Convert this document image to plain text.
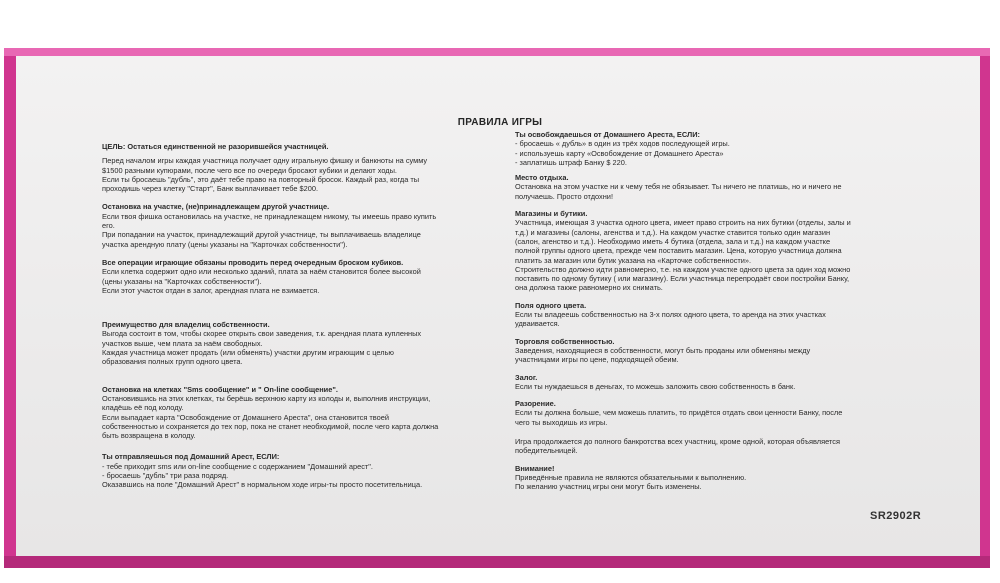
ПРАВИЛА ИГРЫ
ЦЕЛЬ: Остаться единственной не разорившейся участницей.
Перед началом игры каждая участница получает одну игральную фишку и банкноты на сумму
$1500 разными купюрами, после чего все по очереди бросают кубики и делают ходы.
Если ты бросаешь "дубль", это даёт тебе право на повторный бросок. Каждый раз, когда ты
проходишь через клетку "Старт", Банк выплачивает тебе $200.
Остановка на участке, (не)принадлежащем другой участнице.
Если твоя фишка остановилась на участке, не принадлежащем никому, ты имеешь право купить
его.
При попадании на участок, принадлежащий другой участнице, ты выплачиваешь владелице
участка арендную плату (цены указаны на "Карточках собственности").
Все операции играющие обязаны проводить перед очередным броском кубиков.
Если клетка содержит одно или несколько зданий, плата за наём становится более высокой
(цены указаны на "Карточках собственности").
Если этот участок отдан в залог, арендная плата не взимается.
Преимущество для владелиц собственности.
Выгода состоит в том, чтобы скорее открыть свои заведения, т.к. арендная плата купленных
участков выше, чем плата за наём свободных.
Каждая участница может продать (или обменять) участки другим играющим с целью
образования полных групп одного цвета.
Остановка на клетках "Sms сообщение" и " On-line сообщение".
Остановившись на этих клетках, ты берёшь верхнюю карту из колоды и, выполнив инструкции,
кладёшь её под колоду.
Если выпадает карта "Освобождение от Домашнего Ареста", она становится твоей
собственностью и сохраняется до тех пор, пока не станет необходимой, после чего карта должна
быть возвращена в колоду.
Ты отправляешься под Домашний Арест, ЕСЛИ:
- тебе приходит sms или on-line сообщение с содержанием "Домашний арест".
- бросаешь "дубль" три раза подряд.
Оказавшись на поле "Домашний Арест" в нормальном ходе игры-ты просто посетительница.
Ты освобождаешься от Домашнего Ареста, ЕСЛИ:
- бросаешь « дубль» в один из трёх ходов последующей игры.
- используешь карту «Освобождение от Домашнего Ареста»
- заплатишь штраф Банку $ 220.
Место отдыха.
Остановка на этом участке ни к чему тебя не обязывает. Ты ничего не платишь, но и ничего не
получаешь. Просто отдохни!
Магазины и бутики.
Участница, имеющая 3 участка одного цвета, имеет право строить на них бутики (отделы, залы и
т.д.) и магазины (салоны, агенства и т.д.). На каждом участке ставится только один магазин
(салон, агенство и т.д.). Необходимо иметь 4 бутика (отдела, зала и т.д.) на каждом участке
полной группы одного цвета, прежде чем поставить магазин. Цена, которую участница должна
платить за магазин или бутик указана на «Карточке собственности».
Строительство должно идти равномерно, т.е. на каждом участке одного цвета за один ход можно
поставить по одному бутику ( или магазину). Если участница перепродаёт свои постройки Банку,
она должна также равномерно их снимать.
Поля одного цвета.
Если ты владеешь собственностью на 3-х полях одного цвета, то аренда на этих участках
удваивается.
Торговля собственностью.
Заведения, находящиеся в собственности, могут быть проданы или обменяны между
участницами игры по цене, подходящей обеим.
Залог.
Если ты нуждаешься в деньгах, то можешь заложить свою собственность в банк.
Разорение.
Если ты должна больше, чем можешь платить, то придётся отдать свои ценности Банку, после
чего ты выходишь из игры.
Игра продолжается до полного банкротства всех участниц, кроме одной, которая объявляется
победительницей.
Внимание!
Приведённые правила не являются обязательными к выполнению.
По желанию участниц игры они могут быть изменены.
SR2902R
